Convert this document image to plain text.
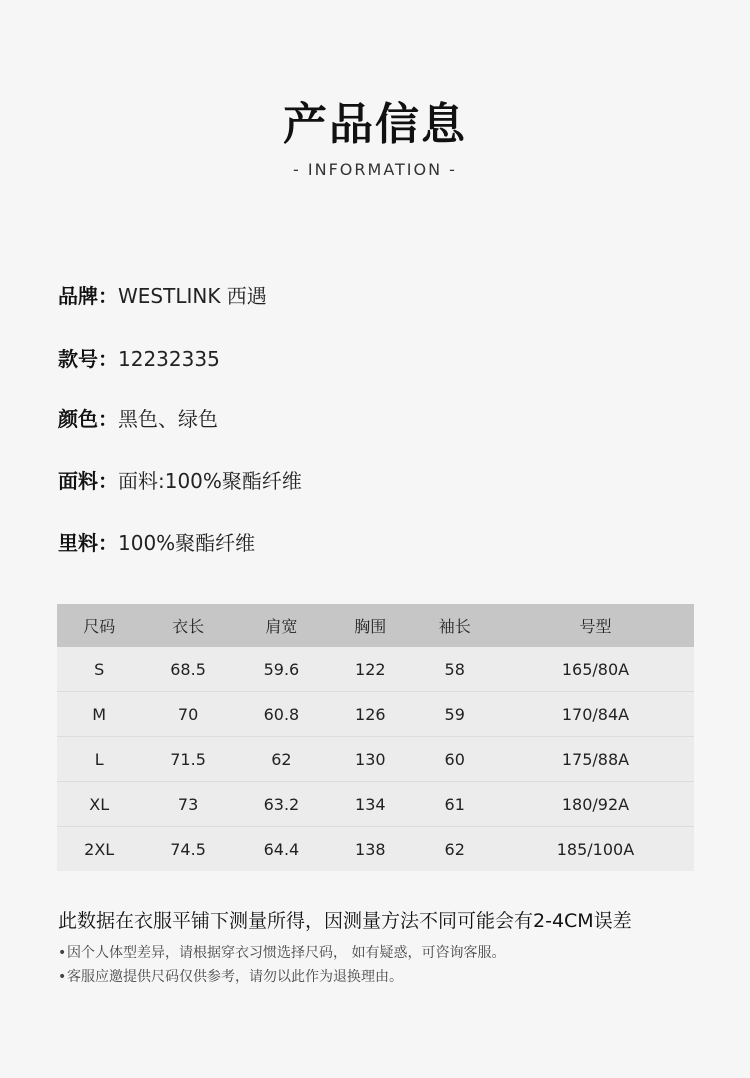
产品信息
- INFORMATION -
品牌：WESTLINK 西遇
款号：12232335
颜色：黑色、绿色
面料：面料:100%聚酯纤维
里料：100%聚酯纤维
尺码	衣长	肩宽	胸围	袖长	号型
S	68.5	59.6	122	58	165/80A
M	70	60.8	126	59	170/84A
L	71.5	62	130	60	175/88A
XL	73	63.2	134	61	180/92A
2XL	74.5	64.4	138	62	185/100A
此数据在衣服平铺下测量所得，因测量方法不同可能会有2-4CM误差
•因个人体型差异，请根据穿衣习惯选择尺码， 如有疑惑，可咨询客服。
•客服应邀提供尺码仅供参考，请勿以此作为退换理由。
